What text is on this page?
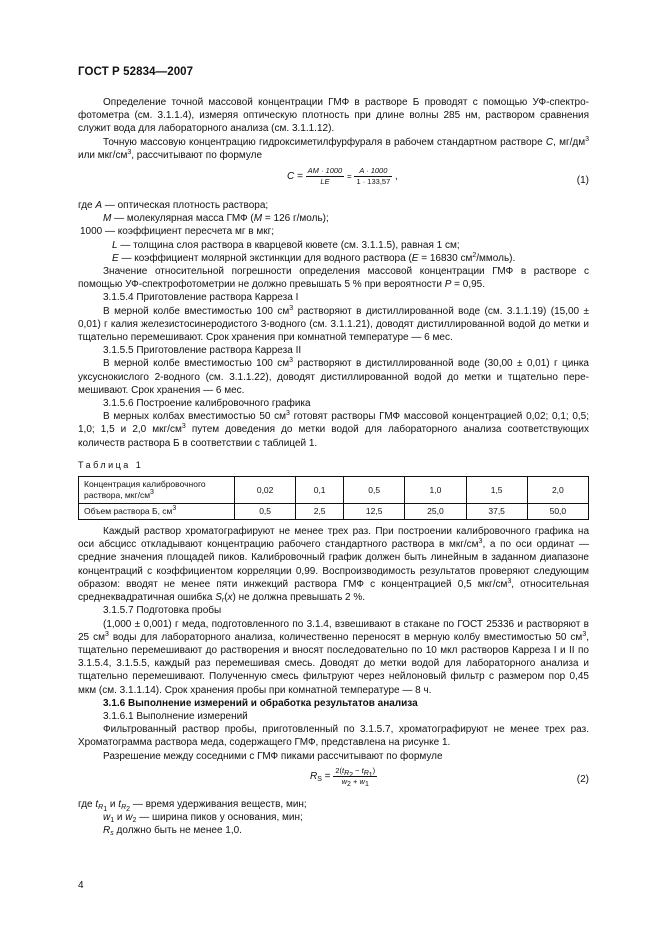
ГОСТ Р 52834—2007

Определение точной массовой концентрации ГМФ в растворе Б проводят с помощью УФ-спектрофотометра (см. 3.1.1.4), измеряя оптическую плотность при длине волны 285 нм, раствором сравнения служит вода для лабораторного анализа (см. 3.1.1.12).

Точную массовую концентрацию гидроксиметилфурфураля в рабочем стандартном растворе C, $мг/дм^3$ или мкг/$см^3$, рассчитывают по формуле

$C = \frac{AM \cdot 1000}{LE} = \frac{A \cdot 1000}{1 \cdot 133,57}$ ,	(1)

где A — оптическая плотность раствора;

M — молекулярная масса ГМФ (M = 126 г/моль);

1000 — коэффициент пересчета мг в мкг;

L — толщина слоя раствора в кварцевой кювете (см. 3.1.1.5), равная 1 см;

E — коэффициент молярной экстинкции для водного раствора (E = 16830 $см^2/ммоль$).

Значение относительной погрешности определения массовой концентрации ГМФ в растворе с помощью УФ-спектрофотометрии не должно превышать 5 % при вероятности P = 0,95.

3.1.5.4 Приготовление раствора Карреза I

В мерной колбе вместимостью 100 $см^3$ растворяют в дистиллированной воде (см. 3.1.1.19) (15,00 ± 0,01) г калия железистосинеродистого 3-водного (см. 3.1.1.21), доводят дистиллированной водой до метки и тщательно перемешивают. Срок хранения при комнатной температуре — 6 мес.

3.1.5.5 Приготовление раствора Карреза II

В мерной колбе вместимостью 100 $см^3$ растворяют в дистиллированной воде (30,00 ± 0,01) г цинка уксуснокислого 2-водного (см. 3.1.1.22), доводят дистиллированной водой до метки и тщательно перемешивают. Срок хранения — 6 мес.

3.1.5.6 Построение калибровочного графика

В мерных колбах вместимостью 50 $см^3$ готовят растворы ГМФ массовой концентрацией 0,02; 0,1; 0,5; 1,0; 1,5 и 2,0 мкг/$см^3$ путем доведения до метки водой для лабораторного анализа соответствующих количеств раствора Б в соответствии с таблицей 1.

Таблица 1
Концентрация калибровочного раствора, мкг/$см^3$	0,02	0,1	0,5	1,0	1,5	2,0
Объем раствора Б, $см^3$	0,5	2,5	12,5	25,0	37,5	50,0

Каждый раствор хроматографируют не менее трех раз. При построении калибровочного графика на оси абсцисс откладывают концентрацию рабочего стандартного раствора в мкг/$см^3$, а по оси ординат — средние значения площадей пиков. Калибровочный график должен быть линейным в заданном диапазоне концентраций с коэффициентом корреляции 0,99. Воспроизводимость результатов проверяют следующим образом: вводят не менее пяти инжекций раствора ГМФ с концентрацией 0,5 мкг/$см^3$, относительная среднеквадратичная ошибка $S_r(x)$ не должна превышать 2 %.

3.1.5.7 Подготовка пробы

(1,000 ± 0,001) г меда, подготовленного по 3.1.4, взвешивают в стакане по ГОСТ 25336 и растворяют в 25 $см^3$ воды для лабораторного анализа, количественно переносят в мерную колбу вместимостью 50 $см^3$, тщательно перемешивают до растворения и вносят последовательно по 10 мкл растворов Карреза I и II по 3.1.5.4, 3.1.5.5, каждый раз перемешивая смесь. Доводят до метки водой для лабораторного анализа и тщательно перемешивают. Полученную смесь фильтруют через нейлоновый фильтр с размером пор 0,45 мкм (см. 3.1.1.14). Срок хранения пробы при комнатной температуре — 8 ч.

3.1.6 Выполнение измерений и обработка результатов анализа

3.1.6.1 Выполнение измерений

Фильтрованный раствор пробы, приготовленный по 3.1.5.7, хроматографируют не менее трех раз. Хроматограмма раствора меда, содержащего ГМФ, представлена на рисунке 1.

Разрешение между соседними с ГМФ пиками рассчитывают по формуле

$R_S = \frac{2(t_{R_2} - t_{R_1})}{w_2 + w_1}$	(2)

где $t_{R_1}$ и $t_{R_2}$ — время удерживания веществ, мин;

$w_1$ и $w_2$ — ширина пиков у основания, мин;

$R_s$ должно быть не менее 1,0.

4
